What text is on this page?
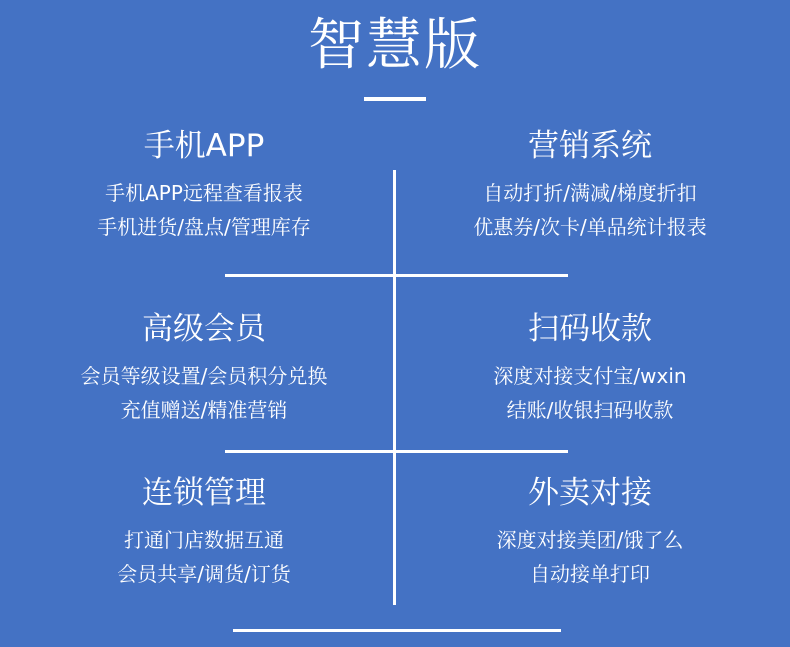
智慧版
手机APP
手机APP远程查看报表
手机进货/盘点/管理库存
营销系统
自动打折/满减/梯度折扣
优惠券/次卡/单品统计报表
高级会员
会员等级设置/会员积分兑换
充值赠送/精准营销
扫码收款
深度对接支付宝/wxin
结账/收银扫码收款
连锁管理
打通门店数据互通
会员共享/调货/订货
外卖对接
深度对接美团/饿了么
自动接单打印
